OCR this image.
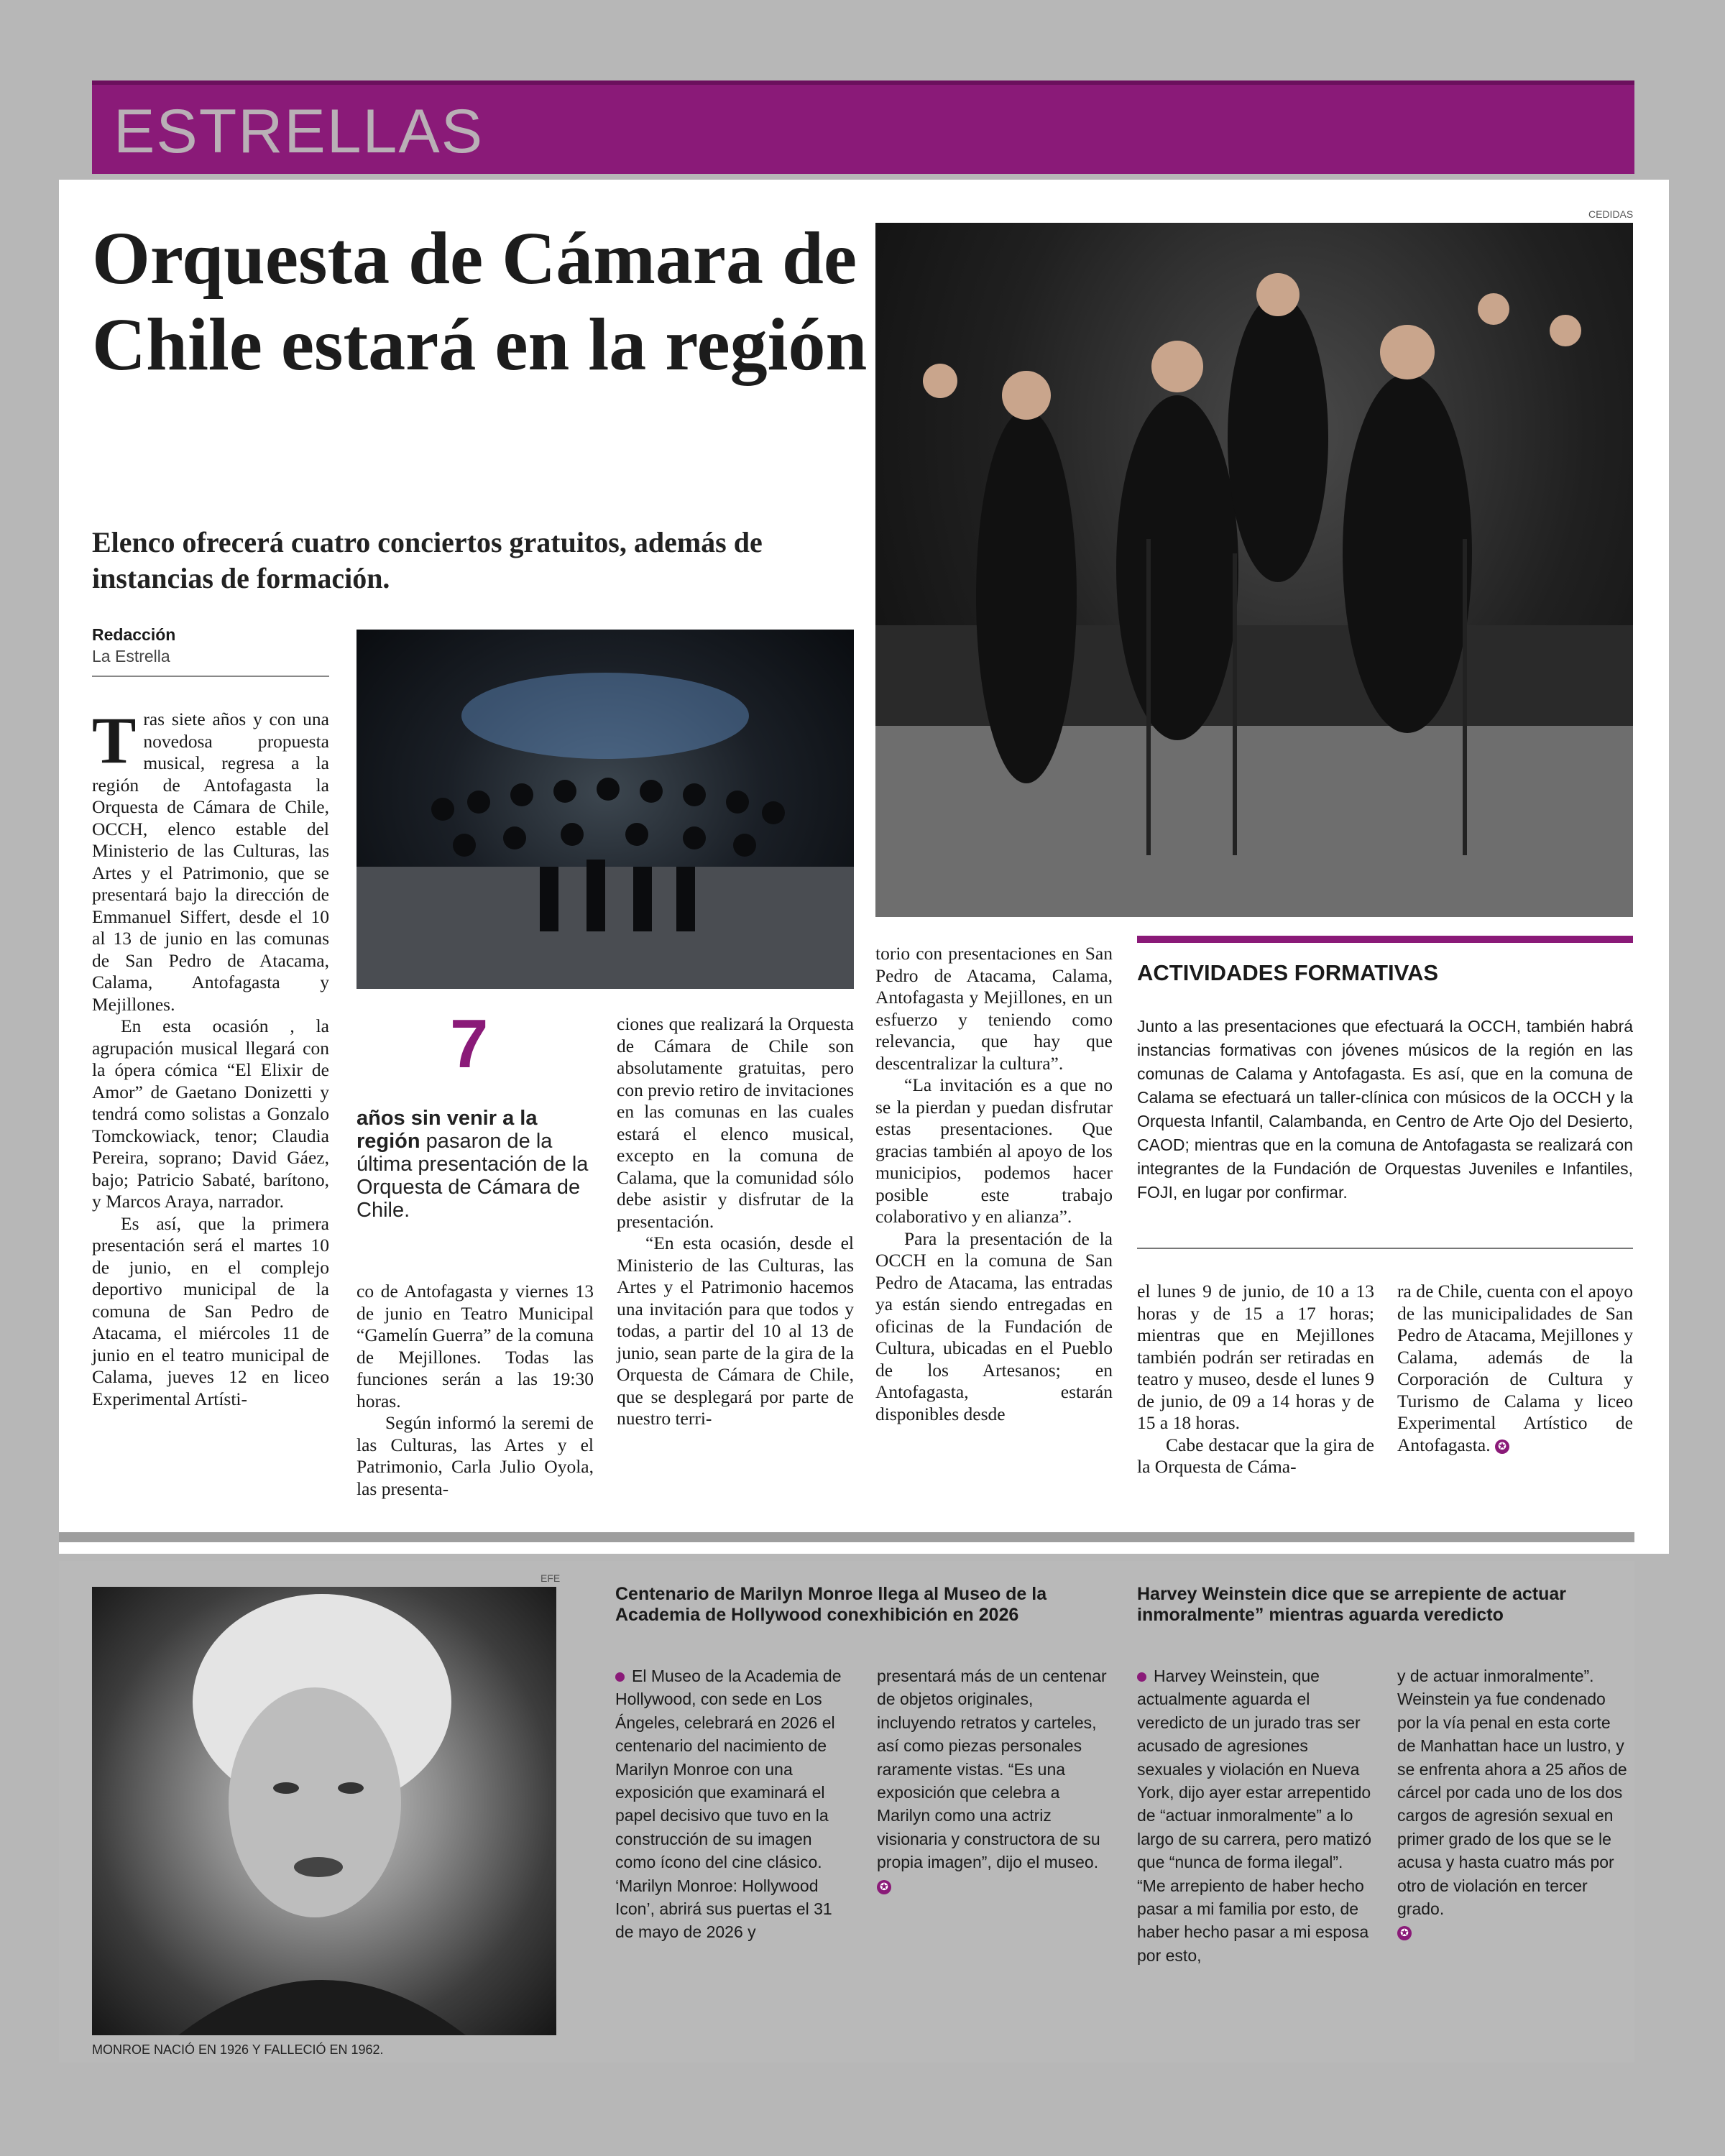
ESTRELLAS
Orquesta de Cámara de Chile estará en la región
Elenco ofrecerá cuatro conciertos gratuitos, además de instancias de formación.
Redacción
La Estrella
CEDIDAS

Tras siete años y con una novedosa propuesta musical, regresa a la región de Antofagasta la Orquesta de Cámara de Chile, OCCH, elenco estable del Ministerio de las Culturas, las Artes y el Patrimonio, que se presentará bajo la dirección de Emmanuel Siffert, desde el 10 al 13 de junio en las comunas de San Pedro de Atacama, Calama, Antofagasta y Mejillones.

En esta ocasión , la agrupación musical llegará con la ópera cómica “El Elixir de Amor” de Gaetano Donizetti y tendrá como solistas a Gonzalo Tomckowiack, tenor; Claudia Pereira, soprano; David Gáez, bajo; Patricio Sabaté, barítono, y Marcos Araya, narrador.

Es así, que la primera presentación será el martes 10 de junio, en el complejo deportivo municipal de la comuna de San Pedro de Atacama, el miércoles 11 de junio en el teatro municipal de Calama, jueves 12 en liceo Experimental Artísti-

7
años sin venir a la región pasaron de la última presentación de la Orquesta de Cámara de Chile.

co de Antofagasta y viernes 13 de junio en Teatro Municipal “Gamelín Guerra” de la comuna de Mejillones. Todas las funciones serán a las 19:30 horas.

Según informó la seremi de las Culturas, las Artes y el Patrimonio, Carla Julio Oyola, las presenta-

ciones que realizará la Orquesta de Cámara de Chile son absolutamente gratuitas, pero con previo retiro de invitaciones en las comunas en las cuales estará el elenco musical, excepto en la comuna de Calama, que la comunidad sólo debe asistir y disfrutar de la presentación.

“En esta ocasión, desde el Ministerio de las Culturas, las Artes y el Patrimonio hacemos una invitación para que todos y todas, a partir del 10 al 13 de junio, sean parte de la gira de la Orquesta de Cámara de Chile, que se desplegará por parte de nuestro terri-

torio con presentaciones en San Pedro de Atacama, Calama, Antofagasta y Mejillones, en un esfuerzo y teniendo como relevancia, que hay que descentralizar la cultura”.

“La invitación es a que no se la pierdan y puedan disfrutar estas presentaciones. Que gracias también al apoyo de los municipios, podemos hacer posible este trabajo colaborativo y en alianza”.

Para la presentación de la OCCH en la comuna de San Pedro de Atacama, las entradas ya están siendo entregadas en oficinas de la Fundación de Cultura, ubicadas en el Pueblo de los Artesanos; en Antofagasta, estarán disponibles desde

el lunes 9 de junio, de 10 a 13 horas y de 15 a 17 horas; mientras que en Mejillones también podrán ser retiradas en teatro y museo, desde el lunes 9 de junio, de 09 a 14 horas y de 15 a 18 horas.

Cabe destacar que la gira de la Orquesta de Cáma-

ra de Chile, cuenta con el apoyo de las municipalidades de San Pedro de Atacama, Mejillones y Calama, además de la Corporación de Cultura y Turismo de Calama y liceo Experimental Artístico de Antofagasta. ✪

ACTIVIDADES FORMATIVAS
Junto a las presentaciones que efectuará la OCCH, también habrá instancias formativas con jóvenes músicos de la región en las comunas de Calama y Antofagasta. Es así, que en la comuna de Calama se efectuará un taller-clínica con músicos de la OCCH y la Orquesta Infantil, Calambanda, en Centro de Arte Ojo del Desierto, CAOD; mientras que en la comuna de Antofagasta se realizará con integrantes de la Fundación de Orquestas Juveniles e Infantiles, FOJI, en lugar por confirmar.
EFE
MONROE NACIÓ EN 1926 Y FALLECIÓ EN 1962.
Centenario de Marilyn Monroe llega al Museo de la Academia de Hollywood conexhibición en 2026
El Museo de la Academia de Hollywood, con sede en Los Ángeles, celebrará en 2026 el centenario del nacimiento de Marilyn Monroe con una exposición que examinará el papel decisivo que tuvo en la construcción de su imagen como ícono del cine clásico. ‘Marilyn Monroe: Hollywood Icon’, abrirá sus puertas el 31 de mayo de 2026 y
presentará más de un centenar de objetos originales, incluyendo retratos y carteles, así como piezas personales raramente vistas. “Es una exposición que celebra a Marilyn como una actriz visionaria y constructora de su propia imagen”, dijo el museo. ✪
Harvey Weinstein dice que se arrepiente de actuar inmoralmente” mientras aguarda veredicto
Harvey Weinstein, que actualmente aguarda el veredicto de un jurado tras ser acusado de agresiones sexuales y violación en Nueva York, dijo ayer estar arrepentido de “actuar inmoralmente” a lo largo de su carrera, pero matizó que “nunca de forma ilegal”. “Me arrepiento de haber hecho pasar a mi familia por esto, de haber hecho pasar a mi esposa por esto,
y de actuar inmoralmente”. Weinstein ya fue condenado por la vía penal en esta corte de Manhattan hace un lustro, y se enfrenta ahora a 25 años de cárcel por cada uno de los dos cargos de agresión sexual en primer grado de los que se le acusa y hasta cuatro más por otro de violación en tercer grado.
✪
